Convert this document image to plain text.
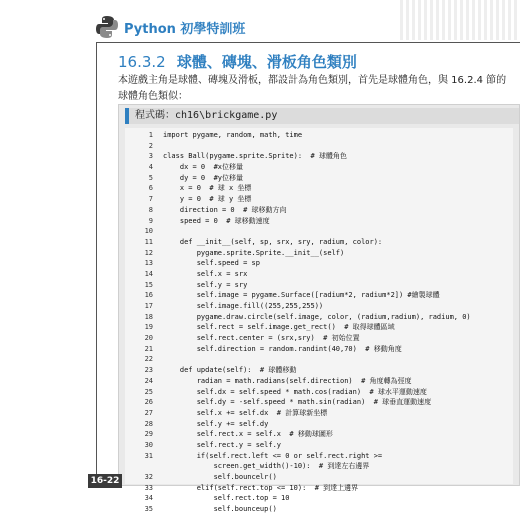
Python 初學特訓班
16.3.2 球體、磚塊、滑板角色類別
本遊戲主角是球體、磚塊及滑板，都設計為角色類別，首先是球體角色，與 16.2.4 節的球體角色類似：
程式碼：ch16\brickgame.py
1	import pygame, random, math, time
2
3	class Ball(pygame.sprite.Sprite):  # 球體角色
4	dx = 0  #x位移量
5	dy = 0  #y位移量
6	x = 0  # 球 x 坐標
7	y = 0  # 球 y 坐標
8	direction = 0  # 球移動方向
9	speed = 0  # 球移動速度
10
11	def __init__(self, sp, srx, sry, radium, color):
12	pygame.sprite.Sprite.__init__(self)
13	self.speed = sp
14	self.x = srx
15	self.y = sry
16	self.image = pygame.Surface([radium*2, radium*2]) #繪製球體
17	self.image.fill((255,255,255))
18	pygame.draw.circle(self.image, color, (radium,radium), radium, 0)
19	self.rect = self.image.get_rect()  # 取得球體區域
20	self.rect.center = (srx,sry)  # 初始位置
21	self.direction = random.randint(40,70)  # 移動角度
22
23	def update(self):  # 球體移動
24	radian = math.radians(self.direction)  # 角度轉為弳度
25	self.dx = self.speed * math.cos(radian)  # 球水平運動速度
26	self.dy = -self.speed * math.sin(radian)  # 球垂直運動速度
27	self.x += self.dx  # 計算球新坐標
28	self.y += self.dy
29	self.rect.x = self.x  # 移動球圖形
30	self.rect.y = self.y
31	if(self.rect.left <= 0 or self.rect.right >=
screen.get_width()-10):  # 到達左右邊界
32	self.bouncelr()
33	elif(self.rect.top <= 10):  # 到達上邊界
34	self.rect.top = 10
35	self.bounceup()
16-22
